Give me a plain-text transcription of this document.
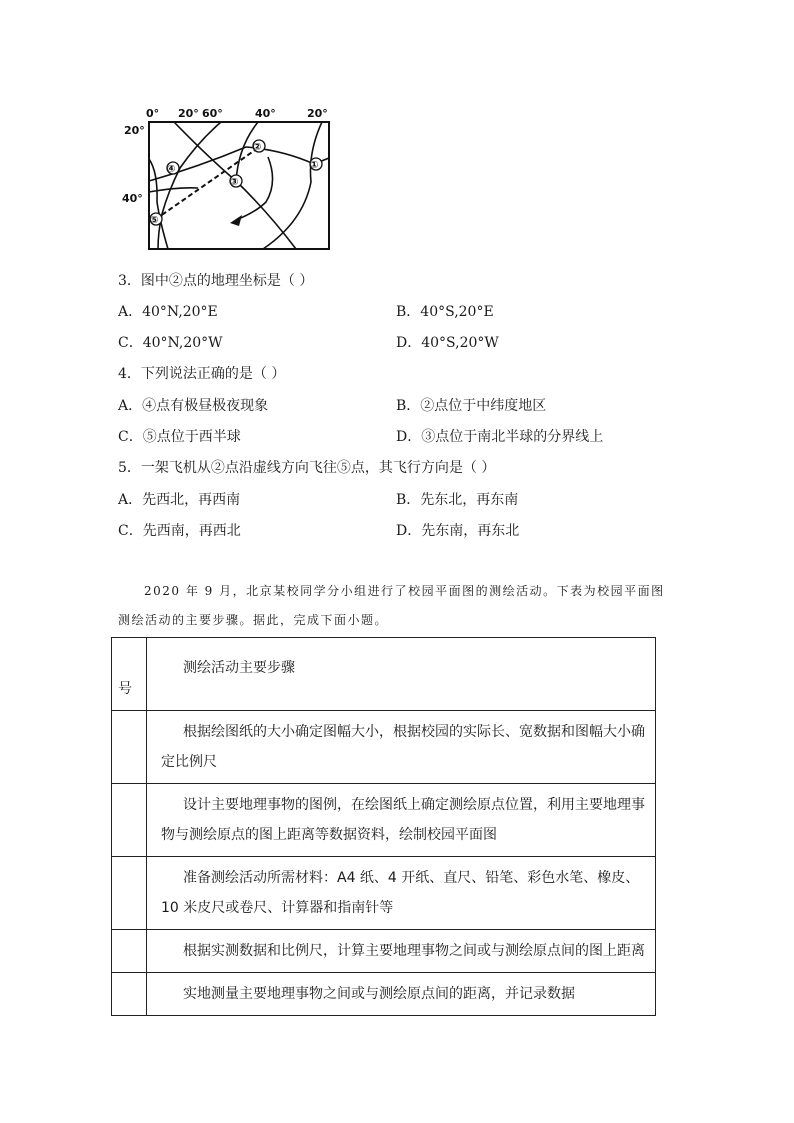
0° 20° 60°	40°	20°
20°
40°
①
②
③
④
⑤
3．图中②点的地理坐标是（ ）
A．40°N,20°E	B．40°S,20°E
C．40°N,20°W	D．40°S,20°W
4．下列说法正确的是（ ）
A．④点有极昼极夜现象	B．②点位于中纬度地区
C．⑤点位于西半球	D．③点位于南北半球的分界线上
5．一架飞机从②点沿虚线方向飞往⑤点，其飞行方向是（ ）
A．先西北，再西南	B．先东北，再东南
C．先西南，再西北	D．先东南，再东北
2020 年 9 月，北京某校同学分小组进行了校园平面图的测绘活动。下表为校园平面图
测绘活动的主要步骤。据此，完成下面小题。
号	测绘活动主要步骤
	根据绘图纸的大小确定图幅大小，根据校园的实际长、宽数据和图幅大小确定比例尺
	设计主要地理事物的图例，在绘图纸上确定测绘原点位置，利用主要地理事物与测绘原点的图上距离等数据资料，绘制校园平面图
	准备测绘活动所需材料：A4 纸、4 开纸、直尺、铅笔、彩色水笔、橡皮、10 米皮尺或卷尺、计算器和指南针等
	根据实测数据和比例尺，计算主要地理事物之间或与测绘原点间的图上距离
	实地测量主要地理事物之间或与测绘原点间的距离，并记录数据
